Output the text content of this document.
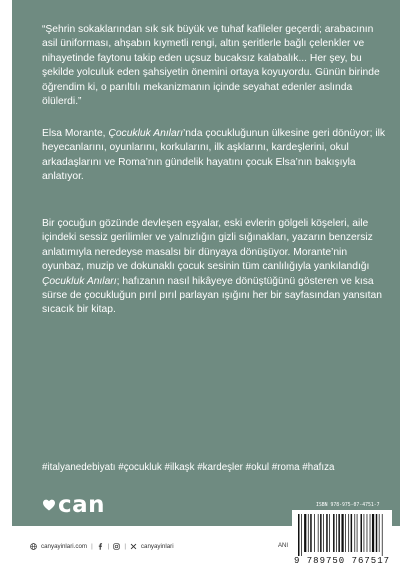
“Şehrin sokaklarından sık sık büyük ve tuhaf kafileler geçerdi; arabacının asil üniforması, ahşabın kıymetli rengi, altın şeritlerle bağlı çelenkler ve nihayetinde faytonu takip eden uçsuz bucaksız kalabalık... Her şey, bu şekilde yolculuk eden şahsiyetin önemini ortaya koyuyordu. Günün birinde öğrendim ki, o parıltılı mekanizmanın içinde seyahat edenler aslında ölülerdi.”

Elsa Morante, Çocukluk Anıları’nda çocukluğunun ülkesine geri dönüyor; ilk heyecanlarını, oyunlarını, korkularını, ilk aşklarını, kardeşlerini, okul arkadaşlarını ve Roma’nın gündelik hayatını çocuk Elsa’nın bakışıyla anlatıyor.

Bir çocuğun gözünde devleşen eşyalar, eski evlerin gölgeli köşeleri, aile içindeki sessiz gerilimler ve yalnızlığın gizli sığınakları, yazarın benzersiz anlatımıyla neredeyse masalsı bir dünyaya dönüşüyor. Morante’nin oyunbaz, muzip ve dokunaklı çocuk sesinin tüm canlılığıyla yankılandığı Çocukluk Anıları; hafızanın nasıl hikâyeye dönüştüğünü gösteren ve kısa sürse de çocukluğun pırıl pırıl parlayan ışığını her bir sayfasından yansıtan sıcacık bir kitap.

#italyanedebiyatı #çocukluk #ilkaşk #kardeşler #okul #roma #hafıza
ISBN 978-975-07-4751-7
can
canyayinlari.com | | | canyayinlari	ANI
9 789750 767517
